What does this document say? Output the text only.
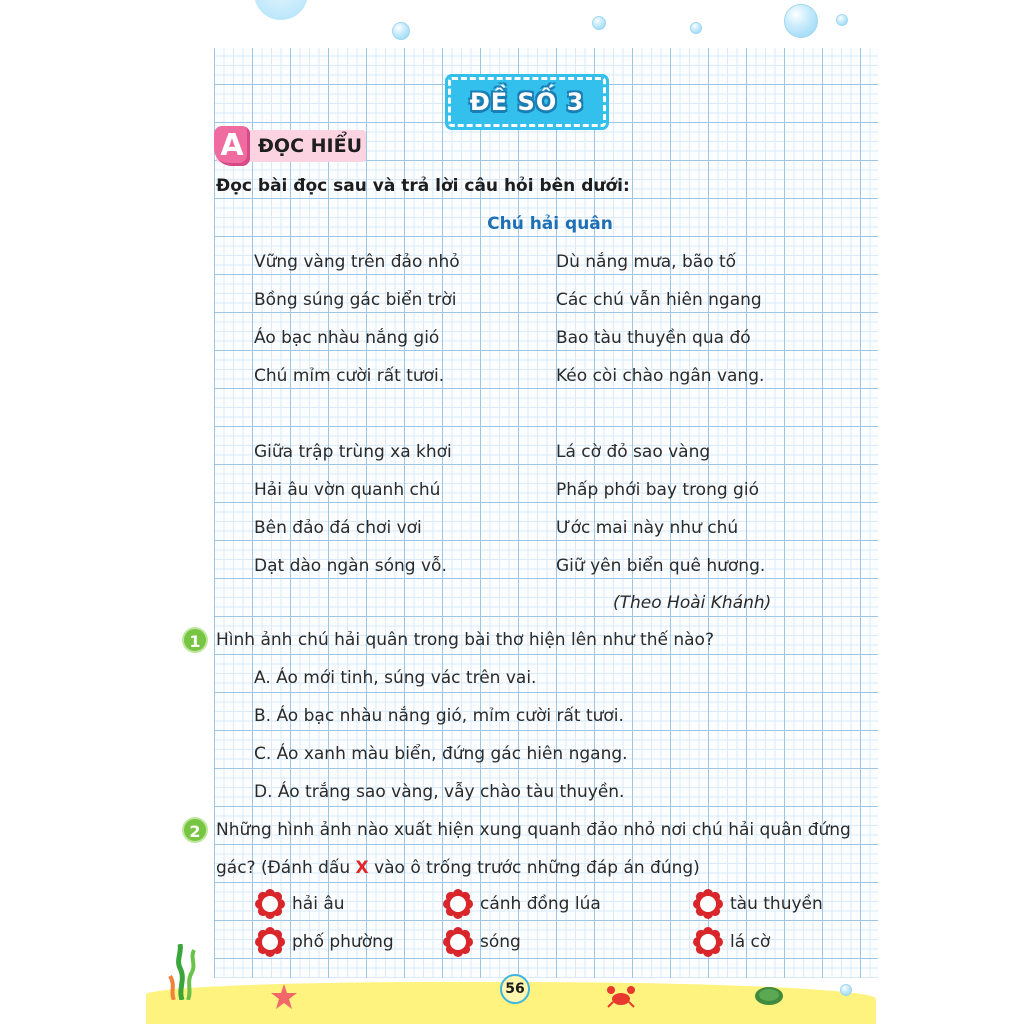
ĐỀ SỐ 3
A ĐỌC HIỂU
Đọc bài đọc sau và trả lời câu hỏi bên dưới:
Chú hải quân
Vững vàng trên đảo nhỏ
Bồng súng gác biển trời
Áo bạc nhàu nắng gió
Chú mỉm cười rất tươi.
Dù nắng mưa, bão tố
Các chú vẫn hiên ngang
Bao tàu thuyền qua đó
Kéo còi chào ngân vang.
Giữa trập trùng xa khơi
Hải âu vờn quanh chú
Bên đảo đá chơi vơi
Dạt dào ngàn sóng vỗ.
Lá cờ đỏ sao vàng
Phấp phới bay trong gió
Ước mai này như chú
Giữ yên biển quê hương.
(Theo Hoài Khánh)
1 Hình ảnh chú hải quân trong bài thơ hiện lên như thế nào?
A. Áo mới tinh, súng vác trên vai.
B. Áo bạc nhàu nắng gió, mỉm cười rất tươi.
C. Áo xanh màu biển, đứng gác hiên ngang.
D. Áo trắng sao vàng, vẫy chào tàu thuyền.
2 Những hình ảnh nào xuất hiện xung quanh đảo nhỏ nơi chú hải quân đứng
gác? (Đánh dấu X vào ô trống trước những đáp án đúng)
hải âu	cánh đồng lúa	tàu thuyền
phố phường	sóng	lá cờ
56
